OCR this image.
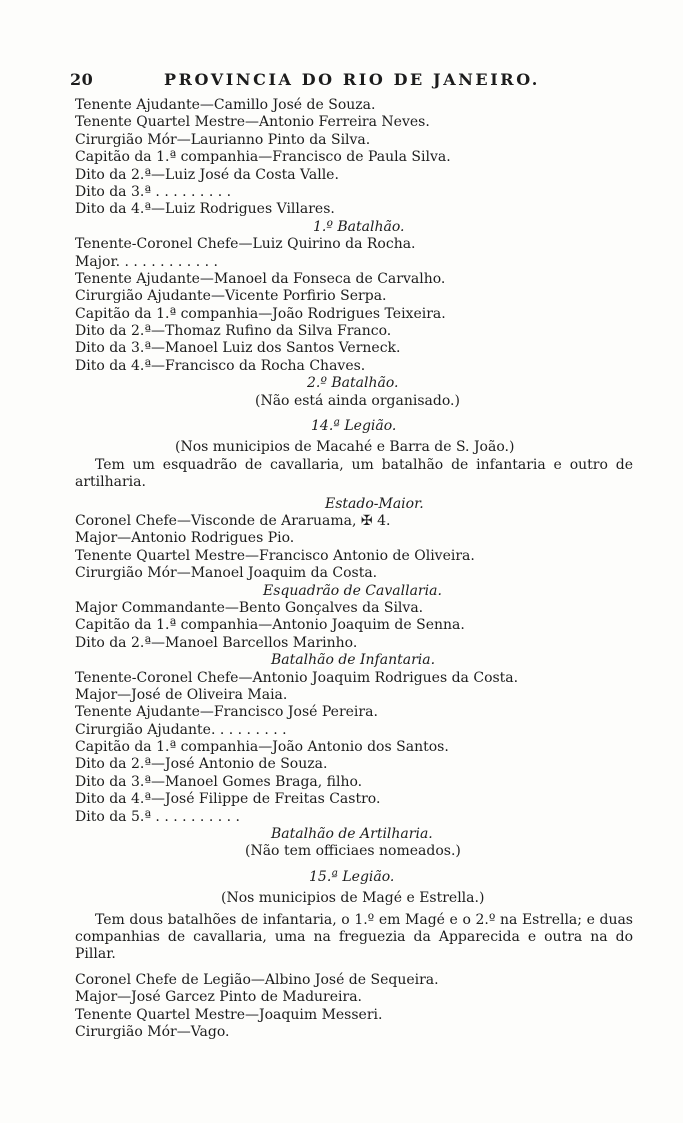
20	PROVINCIA DO RIO DE JANEIRO.
Tenente Ajudante—Camillo José de Souza.
Tenente Quartel Mestre—Antonio Ferreira Neves.
Cirurgião Mór—Laurianno Pinto da Silva.
Capitão da 1.ª companhia—Francisco de Paula Silva.
Dito da 2.ª—Luiz José da Costa Valle.
Dito da 3.ª . . . . . . . . .
Dito da 4.ª—Luiz Rodrigues Villares.
1.º Batalhão.
Tenente-Coronel Chefe—Luiz Quirino da Rocha.
Major. . . . . . . . . . . .
Tenente Ajudante—Manoel da Fonseca de Carvalho.
Cirurgião Ajudante—Vicente Porfirio Serpa.
Capitão da 1.ª companhia—João Rodrigues Teixeira.
Dito da 2.ª—Thomaz Rufino da Silva Franco.
Dito da 3.ª—Manoel Luiz dos Santos Verneck.
Dito da 4.ª—Francisco da Rocha Chaves.
2.º Batalhão.
(Não está ainda organisado.)
14.ª Legião.
(Nos municipios de Macahé e Barra de S. João.)
Tem um esquadrão de cavallaria, um batalhão de infantaria e outro de artilharia.
Estado-Maior.
Coronel Chefe—Visconde de Araruama, ✠ 4.
Major—Antonio Rodrigues Pio.
Tenente Quartel Mestre—Francisco Antonio de Oliveira.
Cirurgião Mór—Manoel Joaquim da Costa.
Esquadrão de Cavallaria.
Major Commandante—Bento Gonçalves da Silva.
Capitão da 1.ª companhia—Antonio Joaquim de Senna.
Dito da 2.ª—Manoel Barcellos Marinho.
Batalhão de Infantaria.
Tenente-Coronel Chefe—Antonio Joaquim Rodrigues da Costa.
Major—José de Oliveira Maia.
Tenente Ajudante—Francisco José Pereira.
Cirurgião Ajudante. . . . . . . . .
Capitão da 1.ª companhia—João Antonio dos Santos.
Dito da 2.ª—José Antonio de Souza.
Dito da 3.ª—Manoel Gomes Braga, filho.
Dito da 4.ª—José Filippe de Freitas Castro.
Dito da 5.ª . . . . . . . . . .
Batalhão de Artilharia.
(Não tem officiaes nomeados.)
15.ª Legião.
(Nos municipios de Magé e Estrella.)
Tem dous batalhões de infantaria, o 1.º em Magé e o 2.º na Estrella; e duas companhias de cavallaria, uma na freguezia da Apparecida e outra na do Pillar.
Coronel Chefe de Legião—Albino José de Sequeira.
Major—José Garcez Pinto de Madureira.
Tenente Quartel Mestre—Joaquim Messeri.
Cirurgião Mór—Vago.
